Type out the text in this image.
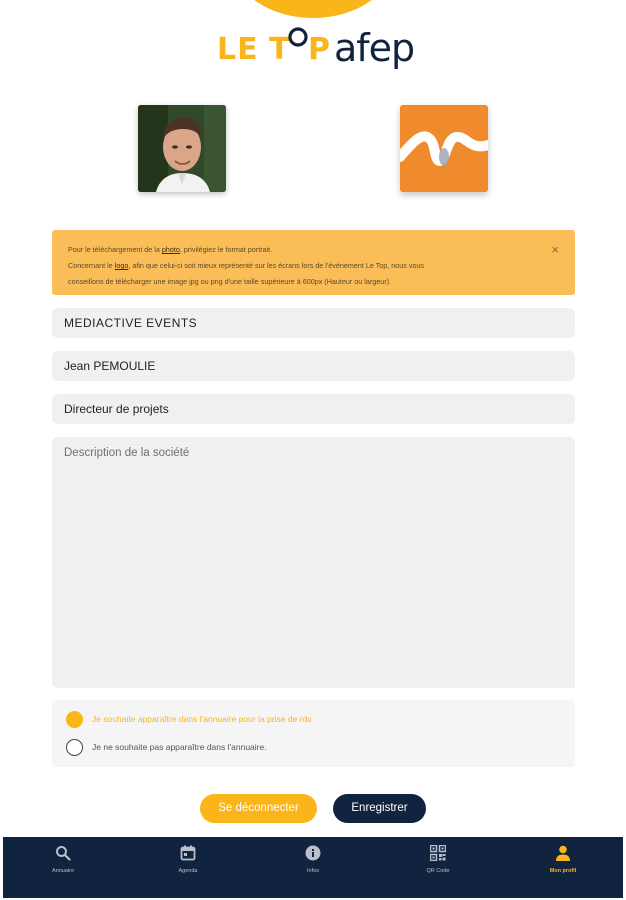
LE T P afep
Pour le téléchargement de la photo, privilégiez le format portrait.
Concernant le logo, afin que celui-ci soit mieux représenté sur les écrans lors de l'événement Le Top, nous vous
conseillons de télécharger une image jpg ou png d'une taille supérieure à 600px (Hauteur ou largeur).
×
MEDIACTIVE EVENTS
Jean PEMOULIE
Directeur de projets
Description de la société
Je souhaite apparaître dans l'annuaire pour la prise de rdv.
Je ne souhaite pas apparaître dans l'annuaire.
Se déconnecter	Enregistrer
Annuaire	Agenda	Infos	QR Code	Mon profil
